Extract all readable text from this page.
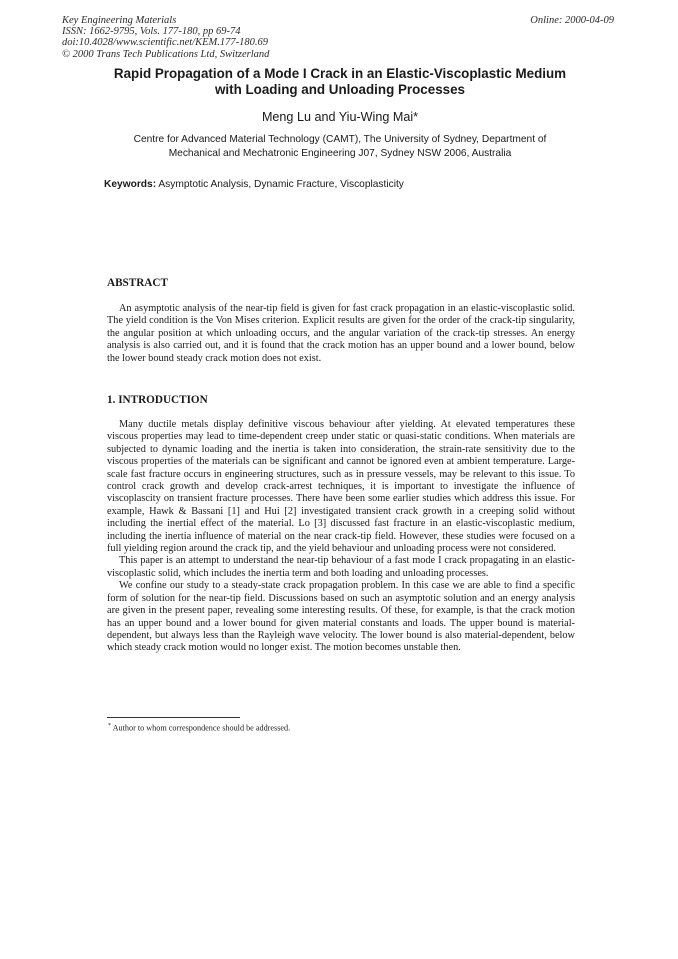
Key Engineering Materials
ISSN: 1662-9795, Vols. 177-180, pp 69-74
doi:10.4028/www.scientific.net/KEM.177-180.69
© 2000 Trans Tech Publications Ltd, Switzerland
Online: 2000-04-09
Rapid Propagation of a Mode I Crack in an Elastic-Viscoplastic Medium
with Loading and Unloading Processes
Meng Lu and Yiu-Wing Mai*
Centre for Advanced Material Technology (CAMT), The University of Sydney, Department of
Mechanical and Mechatronic Engineering J07, Sydney NSW 2006, Australia
Keywords: Asymptotic Analysis, Dynamic Fracture, Viscoplasticity
ABSTRACT

An asymptotic analysis of the near-tip field is given for fast crack propagation in an elastic-viscoplastic solid. The yield condition is the Von Mises criterion. Explicit results are given for the order of the crack-tip singularity, the angular position at which unloading occurs, and the angular variation of the crack-tip stresses. An energy analysis is also carried out, and it is found that the crack motion has an upper bound and a lower bound, below the lower bound steady crack motion does not exist.

1. INTRODUCTION

Many ductile metals display definitive viscous behaviour after yielding. At elevated temperatures these viscous properties may lead to time-dependent creep under static or quasi-static conditions. When materials are subjected to dynamic loading and the inertia is taken into consideration, the strain-rate sensitivity due to the viscous properties of the materials can be significant and cannot be ignored even at ambient temperature. Large-scale fast fracture occurs in engineering structures, such as in pressure vessels, may be relevant to this issue. To control crack growth and develop crack-arrest techniques, it is important to investigate the influence of viscoplascity on transient fracture processes. There have been some earlier studies which address this issue. For example, Hawk & Bassani [1] and Hui [2] investigated transient crack growth in a creeping solid without including the inertial effect of the material. Lo [3] discussed fast fracture in an elastic-viscoplastic medium, including the inertia influence of material on the near crack-tip field. However, these studies were focused on a full yielding region around the crack tip, and the yield behaviour and unloading process were not considered.

This paper is an attempt to understand the near-tip behaviour of a fast mode I crack propagating in an elastic-viscoplastic solid, which includes the inertia term and both loading and unloading processes.

We confine our study to a steady-state crack propagation problem. In this case we are able to find a specific form of solution for the near-tip field. Discussions based on such an asymptotic solution and an energy analysis are given in the present paper, revealing some interesting results. Of these, for example, is that the crack motion has an upper bound and a lower bound for given material constants and loads. The upper bound is material-dependent, but always less than the Rayleigh wave velocity. The lower bound is also material-dependent, below which steady crack motion would no longer exist. The motion becomes unstable then.

* Author to whom correspondence should be addressed.
